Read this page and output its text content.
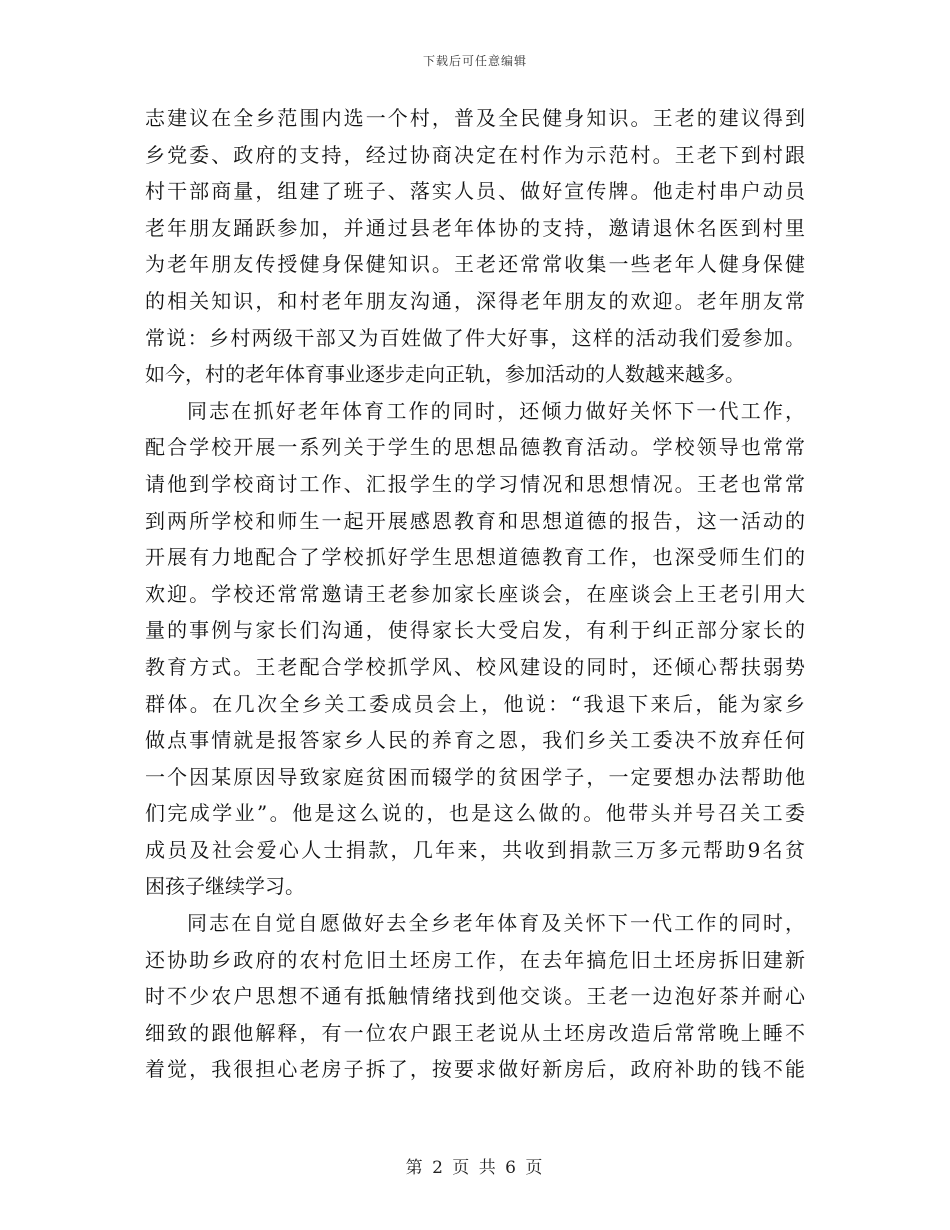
下载后可任意编辑
志建议在全乡范围内选一个村，普及全民健身知识。王老的建议得到
乡党委、政府的支持，经过协商决定在村作为示范村。王老下到村跟
村干部商量，组建了班子、落实人员、做好宣传牌。他走村串户动员
老年朋友踊跃参加，并通过县老年体协的支持，邀请退休名医到村里
为老年朋友传授健身保健知识。王老还常常收集一些老年人健身保健
的相关知识，和村老年朋友沟通，深得老年朋友的欢迎。老年朋友常
常说：乡村两级干部又为百姓做了件大好事，这样的活动我们爱参加。
如今，村的老年体育事业逐步走向正轨，参加活动的人数越来越多。
同志在抓好老年体育工作的同时，还倾力做好关怀下一代工作，
配合学校开展一系列关于学生的思想品德教育活动。学校领导也常常
请他到学校商讨工作、汇报学生的学习情况和思想情况。王老也常常
到两所学校和师生一起开展感恩教育和思想道德的报告，这一活动的
开展有力地配合了学校抓好学生思想道德教育工作，也深受师生们的
欢迎。学校还常常邀请王老参加家长座谈会，在座谈会上王老引用大
量的事例与家长们沟通，使得家长大受启发，有利于纠正部分家长的
教育方式。王老配合学校抓学风、校风建设的同时，还倾心帮扶弱势
群体。在几次全乡关工委成员会上，他说：“我退下来后，能为家乡
做点事情就是报答家乡人民的养育之恩，我们乡关工委决不放弃任何
一个因某原因导致家庭贫困而辍学的贫困学子，一定要想办法帮助他
们完成学业”。他是这么说的，也是这么做的。他带头并号召关工委
成员及社会爱心人士捐款，几年来，共收到捐款三万多元帮助9名贫
困孩子继续学习。
同志在自觉自愿做好去全乡老年体育及关怀下一代工作的同时，
还协助乡政府的农村危旧土坯房工作，在去年搞危旧土坯房拆旧建新
时不少农户思想不通有抵触情绪找到他交谈。王老一边泡好茶并耐心
细致的跟他解释，有一位农户跟王老说从土坯房改造后常常晚上睡不
着觉，我很担心老房子拆了，按要求做好新房后，政府补助的钱不能
第 2 页 共 6 页
